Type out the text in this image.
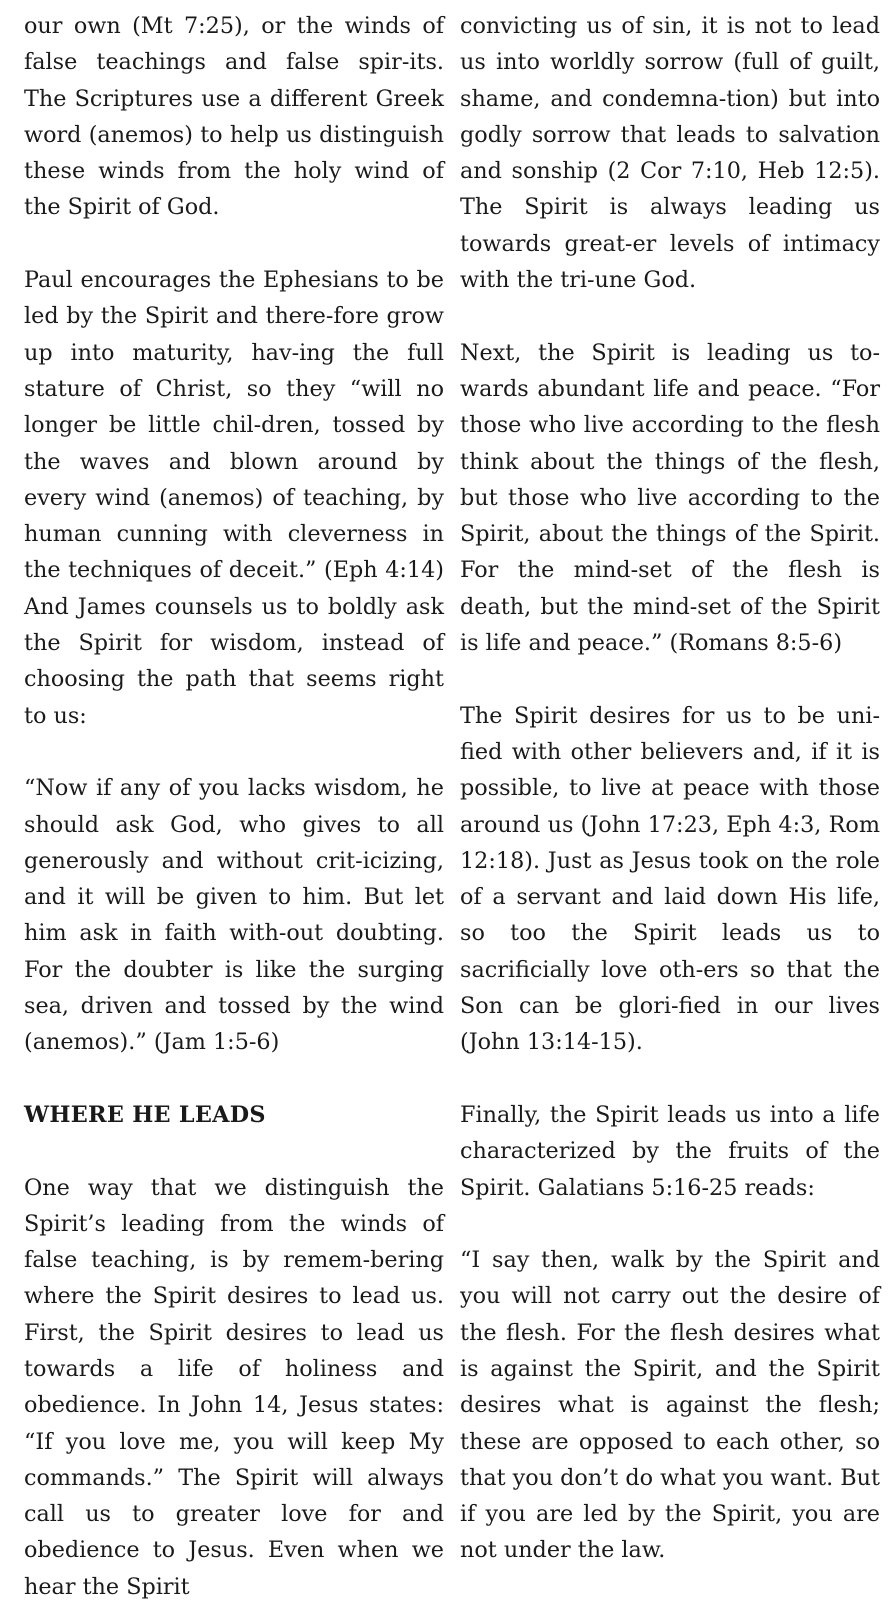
our own (Mt 7:25), or the winds of false teachings and false spir-its. The Scriptures use a different Greek word (anemos) to help us distinguish these winds from the holy wind of the Spirit of God.

Paul encourages the Ephesians to be led by the Spirit and there-fore grow up into maturity, hav-ing the full stature of Christ, so they “will no longer be little chil-dren, tossed by the waves and blown around by every wind (anemos) of teaching, by human cunning with cleverness in the techniques of deceit.” (Eph 4:14) And James counsels us to boldly ask the Spirit for wisdom, instead of choosing the path that seems right to us:

“Now if any of you lacks wisdom, he should ask God, who gives to all generously and without crit-icizing, and it will be given to him. But let him ask in faith with-out doubting. For the doubter is like the surging sea, driven and tossed by the wind (anemos).” (Jam 1:5-6)

WHERE HE LEADS

One way that we distinguish the Spirit’s leading from the winds of false teaching, is by remem-bering where the Spirit desires to lead us. First, the Spirit desires to lead us towards a life of holiness and obedience. In John 14, Jesus states: “If you love me, you will keep My commands.” The Spirit will always call us to greater love for and obedience to Jesus. Even when we hear the Spirit

convicting us of sin, it is not to lead us into worldly sorrow (full of guilt, shame, and condemna-tion) but into godly sorrow that leads to salvation and sonship (2 Cor 7:10, Heb 12:5). The Spirit is always leading us towards great-er levels of intimacy with the tri-une God.

Next, the Spirit is leading us to-wards abundant life and peace. “For those who live according to the flesh think about the things of the flesh, but those who live according to the Spirit, about the things of the Spirit. For the mind-set of the flesh is death, but the mind-set of the Spirit is life and peace.” (Romans 8:5-6)

The Spirit desires for us to be uni-fied with other believers and, if it is possible, to live at peace with those around us (John 17:23, Eph 4:3, Rom 12:18). Just as Jesus took on the role of a servant and laid down His life, so too the Spirit leads us to sacrificially love oth-ers so that the Son can be glori-fied in our lives (John 13:14-15).

Finally, the Spirit leads us into a life characterized by the fruits of the Spirit. Galatians 5:16-25 reads:

“I say then, walk by the Spirit and you will not carry out the desire of the flesh. For the flesh desires what is against the Spirit, and the Spirit desires what is against the flesh; these are opposed to each other, so that you don’t do what you want. But if you are led by the Spirit, you are not under the law.
